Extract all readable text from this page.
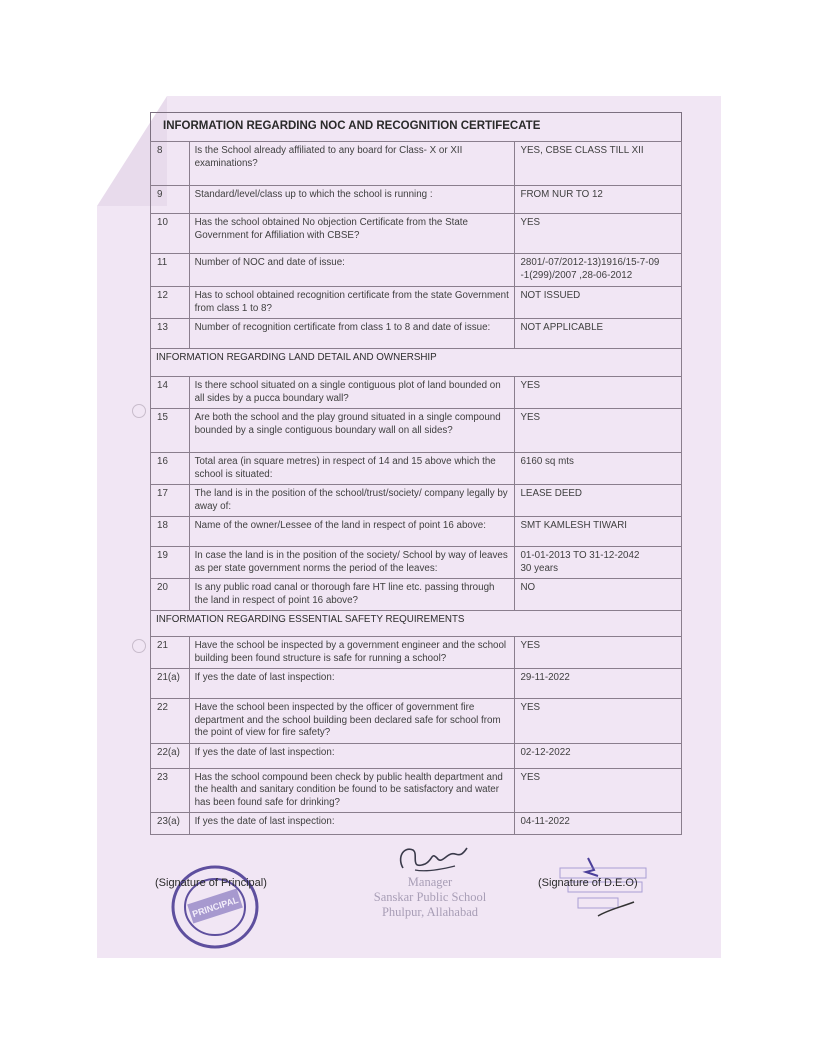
INFORMATION REGARDING NOC AND RECOGNITION CERTIFECATE
8	Is the School already affiliated to any board for Class- X or XII examinations?	YES, CBSE CLASS TILL XII
9	Standard/level/class up to which the school is running :	FROM NUR TO 12
10	Has the school obtained No objection Certificate from the State Government for Affiliation with CBSE?	YES
11	Number of NOC and date of issue:	2801/-07/2012-13)1916/15-7-09 -1(299)/2007 ,28-06-2012
12	Has to school obtained recognition certificate from the state Government from class 1 to 8?	NOT ISSUED
13	Number of recognition certificate from class 1 to 8 and date of issue:	NOT APPLICABLE
INFORMATION REGARDING LAND DETAIL AND OWNERSHIP		
14	Is there school situated on a single contiguous plot of land bounded on all sides by a pucca boundary wall?	YES
15	Are both the school and the play ground situated in a single compound bounded by a single contiguous boundary wall on all sides?	YES
16	Total area (in square metres) in respect of 14 and 15 above which the school is situated:	6160 sq mts
17	The land is in the position of the school/trust/society/ company legally by away of:	LEASE DEED
18	Name of the owner/Lessee of the land in respect of point 16 above:	SMT KAMLESH TIWARI
19	In case the land is in the position of the society/ School by way of leaves as per state government norms the period of the leaves:	01-01-2013 TO 31-12-2042
30 years
20	Is any public road canal or thorough fare HT line etc. passing through the land in respect of point 16 above?	NO
INFORMATION REGARDING ESSENTIAL SAFETY REQUIREMENTS		
21	Have the school be inspected by a government engineer and the school building been found structure is safe for running a school?	YES
21(a)	If yes the date of last inspection:	29-11-2022
22	Have the school been inspected by the officer of government fire department and the school building been declared safe for school from the point of view for fire safety?	YES
22(a)	If yes the date of last inspection:	02-12-2022
23	Has the school compound been check by public health department and the health and sanitary condition be found to be satisfactory and water has been found safe for drinking?	YES
23(a)	If yes the date of last inspection:	04-11-2022
PRINCIPAL
(Signature of Principal)	Manager
Sanskar Public School
Phulpur, Allahabad
(Signature of D.E.O)
